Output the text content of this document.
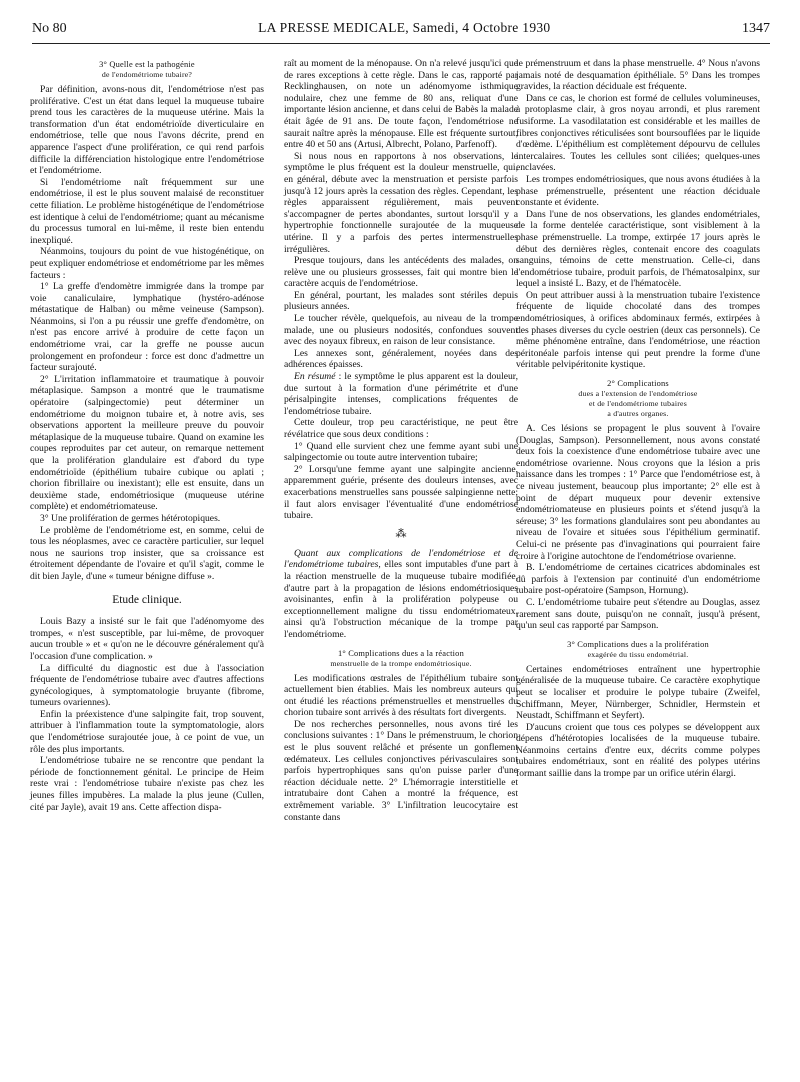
No 80	LA PRESSE MEDICALE, Samedi, 4 Octobre 1930	1347
3° Quelle est la pathogénie
de l'endométriome tubaire?

Par définition, avons-nous dit, l'endométriose n'est pas proliférative. C'est un état dans lequel la muqueuse tubaire prend tous les caractères de la muqueuse utérine. Mais la transformation d'un état endométrioïde diverticulaire en endométriose, telle que nous l'avons décrite, prend en apparence l'aspect d'une prolifération, ce qui rend parfois difficile la différenciation histologique entre l'endométriose et l'endométriome.

Si l'endométriome naît fréquemment sur une endométriose, il est le plus souvent malaisé de reconstituer cette filiation. Le problème histogénétique de l'endométriose est identique à celui de l'endométriome; quant au mécanisme du processus tumoral en lui-même, il reste bien entendu inexpliqué.

Néanmoins, toujours du point de vue histogénétique, on peut expliquer endométriose et endométriome par les mêmes facteurs :

1° La greffe d'endomètre immigrée dans la trompe par voie canaliculaire, lymphatique (hystéro-adénose métastatique de Halban) ou même veineuse (Sampson). Néanmoins, si l'on a pu réussir une greffe d'endomètre, on n'est pas encore arrivé à produire de cette façon un endométriome vrai, car la greffe ne pousse aucun prolongement en profondeur : force est donc d'admettre un facteur surajouté.

2° L'irritation inflammatoire et traumatique à pouvoir métaplasique. Sampson a montré que le traumatisme opératoire (salpingectomie) peut déterminer un endométriome du moignon tubaire et, à notre avis, ses observations apportent la meilleure preuve du pouvoir métaplasique de la muqueuse tubaire. Quand on examine les coupes reproduites par cet auteur, on remarque nettement que la prolifération glandulaire est d'abord du type endométrioïde (épithélium tubaire cubique ou aplati ; chorion fibrillaire ou inexistant); elle est ensuite, dans un deuxième stade, endométriosique (muqueuse utérine complète) et endométriomateuse.

3° Une prolifération de germes hétérotopiques.

Le problème de l'endométriome est, en somme, celui de tous les néoplasmes, avec ce caractère particulier, sur lequel nous ne saurions trop insister, que sa croissance est étroitement dépendante de l'ovaire et qu'il s'agit, comme le dit bien Jayle, d'une « tumeur bénigne diffuse ».

Etude clinique.

Louis Bazy a insisté sur le fait que l'adénomyome des trompes, « n'est susceptible, par lui-même, de provoquer aucun trouble » et « qu'on ne le découvre généralement qu'à l'occasion d'une complication. »

La difficulté du diagnostic est due à l'association fréquente de l'endométriose tubaire avec d'autres affections gynécologiques, à symptomatologie bruyante (fibrome, tumeurs ovariennes).

Enfin la préexistence d'une salpingite fait, trop souvent, attribuer à l'inflammation toute la symptomatologie, alors que l'endométriose surajoutée joue, à ce point de vue, un rôle des plus importants.

L'endométriose tubaire ne se rencontre que pendant la période de fonctionnement génital. Le principe de Heim reste vrai : l'endométriose tubaire n'existe pas chez les jeunes filles impubères. La malade la plus jeune (Cullen, cité par Jayle), avait 19 ans. Cette affection dispa-

raît au moment de la ménopause. On n'a relevé jusqu'ici que de rares exceptions à cette règle. Dans le cas, rapporté par Recklinghausen, on note un adénomyome isthmique nodulaire, chez une femme de 80 ans, reliquat d'une importante lésion ancienne, et dans celui de Babès la malade était âgée de 91 ans. De toute façon, l'endométriose ne saurait naître après la ménopause. Elle est fréquente surtout, entre 40 et 50 ans (Artusi, Albrecht, Polano, Parfenoff).

Si nous nous en rapportons à nos observations, le symptôme le plus fréquent est la douleur menstruelle, qui, en général, débute avec la menstruation et persiste parfois jusqu'à 12 jours après la cessation des règles. Cependant, les règles apparaissent régulièrement, mais peuvent s'accompagner de pertes abondantes, surtout lorsqu'il y a hypertrophie fonctionnelle surajoutée de la muqueuse utérine. Il y a parfois des pertes intermenstruelles irrégulières.

Presque toujours, dans les antécédents des malades, on relève une ou plusieurs grossesses, fait qui montre bien le caractère acquis de l'endométriose.

En général, pourtant, les malades sont stériles depuis plusieurs années.

Le toucher révèle, quelquefois, au niveau de la trompe malade, une ou plusieurs nodosités, confondues souvent avec des noyaux fibreux, en raison de leur consistance.

Les annexes sont, généralement, noyées dans des adhérences épaisses.

En résumé : le symptôme le plus apparent est la douleur, due surtout à la formation d'une périmétrite et d'une périsalpingite intenses, complications fréquentes de l'endométriose tubaire.

Cette douleur, trop peu caractéristique, ne peut être révélatrice que sous deux conditions :

1° Quand elle survient chez une femme ayant subi une salpingectomie ou toute autre intervention tubaire;

2° Lorsqu'une femme ayant une salpingite ancienne, apparemment guérie, présente des douleurs intenses, avec exacerbations menstruelles sans poussée salpingienne nette; il faut alors envisager l'éventualité d'une endométriose tubaire.

⁂

Quant aux complications de l'endométriose et de l'endométriome tubaires, elles sont imputables d'une part à la réaction menstruelle de la muqueuse tubaire modifiée, d'autre part à la propagation de lésions endométriosiques avoisinantes, enfin à la prolifération polypeuse ou exceptionnellement maligne du tissu endométriomateux, ainsi qu'à l'obstruction mécanique de la trompe par l'endométriome.

1° Complications dues a la réaction
menstruelle de la trompe endométriosique.

Les modifications œstrales de l'épithélium tubaire sont actuellement bien établies. Mais les nombreux auteurs qui ont étudié les réactions prémenstruelles et menstruelles du chorion tubaire sont arrivés à des résultats fort divergents.

De nos recherches personnelles, nous avons tiré les conclusions suivantes : 1° Dans le prémenstruum, le chorion est le plus souvent relâché et présente un gonflement œdémateux. Les cellules conjonctives périvasculaires sont parfois hypertrophiques sans qu'on puisse parler d'une réaction déciduale nette. 2° L'hémorragie interstitielle et intratubaire dont Cahen a montré la fréquence, est extrêmement variable. 3° L'infiltration leucocytaire est constante dans

le prémenstruum et dans la phase menstruelle. 4° Nous n'avons jamais noté de desquamation épithéliale. 5° Dans les trompes gravides, la réaction déciduale est fréquente.

Dans ce cas, le chorion est formé de cellules volumineuses, à protoplasme clair, à gros noyau arrondi, et plus rarement fusiforme. La vasodilatation est considérable et les mailles de fibres conjonctives réticulisées sont boursouflées par le liquide d'œdème. L'épithélium est complètement dépourvu de cellules intercalaires. Toutes les cellules sont ciliées; quelques-unes enclavées.

Les trompes endométriosiques, que nous avons étudiées à la phase prémenstruelle, présentent une réaction déciduale constante et évidente.

Dans l'une de nos observations, les glandes endométriales, de la forme dentelée caractéristique, sont visiblement à la phase prémenstruelle. La trompe, extirpée 17 jours après le début des dernières règles, contenait encore des coagulats sanguins, témoins de cette menstruation. Celle-ci, dans l'endométriose tubaire, produit parfois, de l'hématosalpinx, sur lequel a insisté L. Bazy, et de l'hématocèle.

On peut attribuer aussi à la menstruation tubaire l'existence fréquente de liquide chocolaté dans des trompes endométriosiques, à orifices abdominaux fermés, extirpées à des phases diverses du cycle oestrien (deux cas personnels). Ce même phénomène entraîne, dans l'endométriose, une réaction péritonéale parfois intense qui peut prendre la forme d'une véritable pelvipéritonite kystique.

2° Complications
dues a l'extension de l'endométriose
et de l'endométriome tubaires
a d'autres organes.

A. Ces lésions se propagent le plus souvent à l'ovaire (Douglas, Sampson). Personnellement, nous avons constaté deux fois la coexistence d'une endométriose tubaire avec une endométriose ovarienne. Nous croyons que la lésion a pris naissance dans les trompes : 1° Parce que l'endométriose est, à ce niveau justement, beaucoup plus importante; 2° elle est à point de départ muqueux pour devenir extensive endométriomateuse en plusieurs points et s'étend jusqu'à la séreuse; 3° les formations glandulaires sont peu abondantes au niveau de l'ovaire et situées sous l'épithélium germinatif. Celui-ci ne présente pas d'invaginations qui pourraient faire croire à l'origine autochtone de l'endométriose ovarienne.

B. L'endométriome de certaines cicatrices abdominales est dû parfois à l'extension par continuité d'un endométriome tubaire post-opératoire (Sampson, Hornung).

C. L'endométriome tubaire peut s'étendre au Douglas, assez rarement sans doute, puisqu'on ne connaît, jusqu'à présent, qu'un seul cas rapporté par Sampson.

3° Complications dues a la prolifération
exagérée du tissu endométrial.

Certaines endométrioses entraînent une hypertrophie généralisée de la muqueuse tubaire. Ce caractère exophytique peut se localiser et produire le polype tubaire (Zweifel, Schiffmann, Meyer, Nürnberger, Schnidler, Hermstein et Neustadt, Schiffmann et Seyfert).

D'aucuns croient que tous ces polypes se développent aux dépens d'hétérotopies localisées de la muqueuse tubaire. Néanmoins certains d'entre eux, décrits comme polypes tubaires endométriaux, sont en réalité des polypes utérins formant saillie dans la trompe par un orifice utérin élargi.
